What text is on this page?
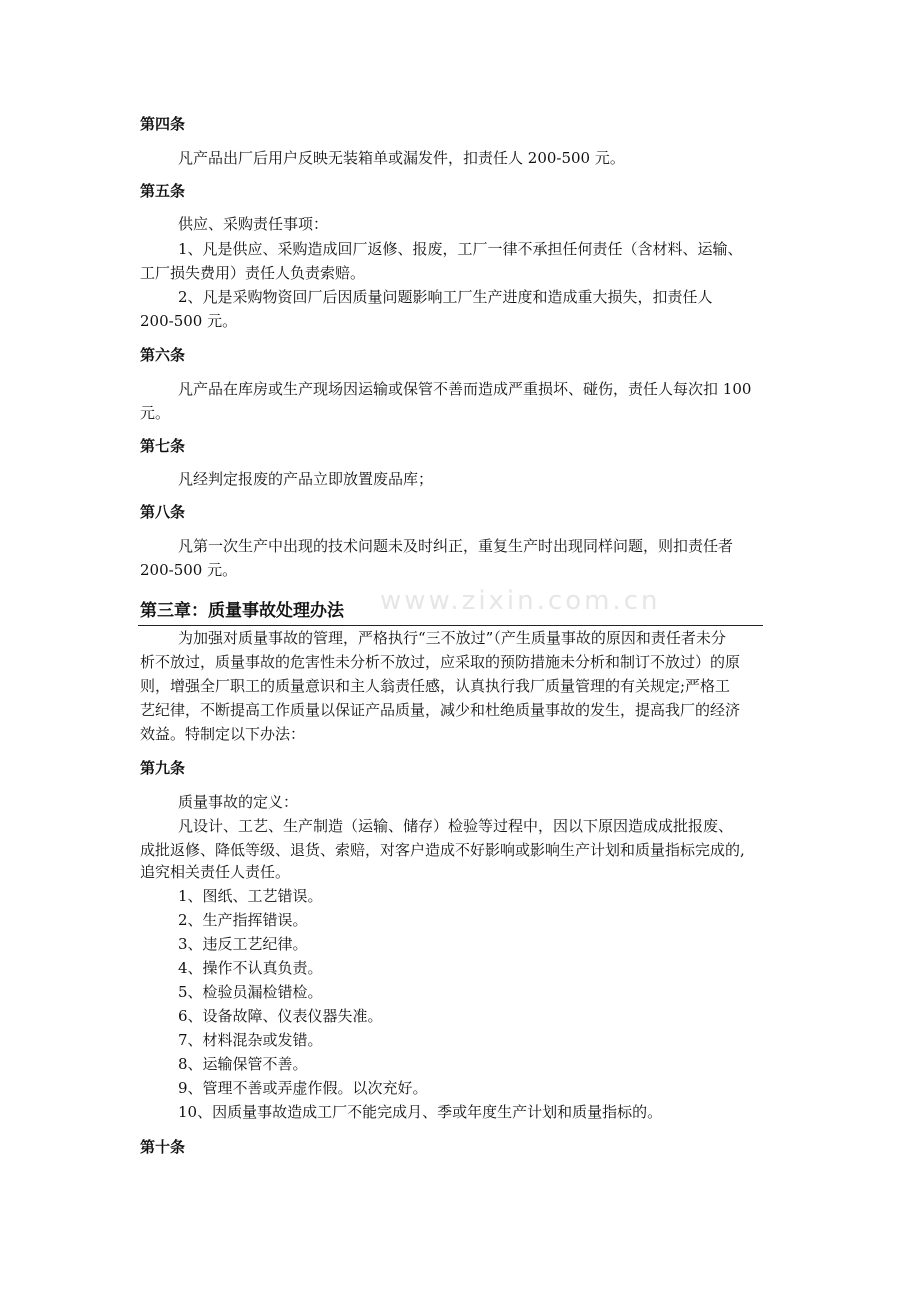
www.zixin.com.cn
第四条
凡产品出厂后用户反映无装箱单或漏发件，扣责任人 200-500 元。
第五条
供应、采购责任事项：
1、凡是供应、采购造成回厂返修、报废，工厂一律不承担任何责任（含材料、运输、
工厂损失费用）责任人负责索赔。
2、凡是采购物资回厂后因质量问题影响工厂生产进度和造成重大损失，扣责任人
200-500 元。
第六条
凡产品在库房或生产现场因运输或保管不善而造成严重损坏、碰伤，责任人每次扣 100
元。
第七条
凡经判定报废的产品立即放置废品库；
第八条
凡第一次生产中出现的技术问题未及时纠正，重复生产时出现同样问题，则扣责任者
200-500 元。
第三章：质量事故处理办法
为加强对质量事故的管理，严格执行“三不放过”（产生质量事故的原因和责任者未分
析不放过，质量事故的危害性未分析不放过，应采取的预防措施未分析和制订不放过）的原
则，增强全厂职工的质量意识和主人翁责任感，认真执行我厂质量管理的有关规定;严格工
艺纪律，不断提高工作质量以保证产品质量，减少和杜绝质量事故的发生，提高我厂的经济
效益。特制定以下办法：
第九条
质量事故的定义：
凡设计、工艺、生产制造（运输、储存）检验等过程中，因以下原因造成成批报废、
成批返修、降低等级、退货、索赔，对客户造成不好影响或影响生产计划和质量指标完成的,
追究相关责任人责任。
1、图纸、工艺错误。
2、生产指挥错误。
3、违反工艺纪律。
4、操作不认真负责。
5、检验员漏检错检。
6、设备故障、仪表仪器失准。
7、材料混杂或发错。
8、运输保管不善。
9、管理不善或弄虚作假。以次充好。
10、因质量事故造成工厂不能完成月、季或年度生产计划和质量指标的。
第十条
